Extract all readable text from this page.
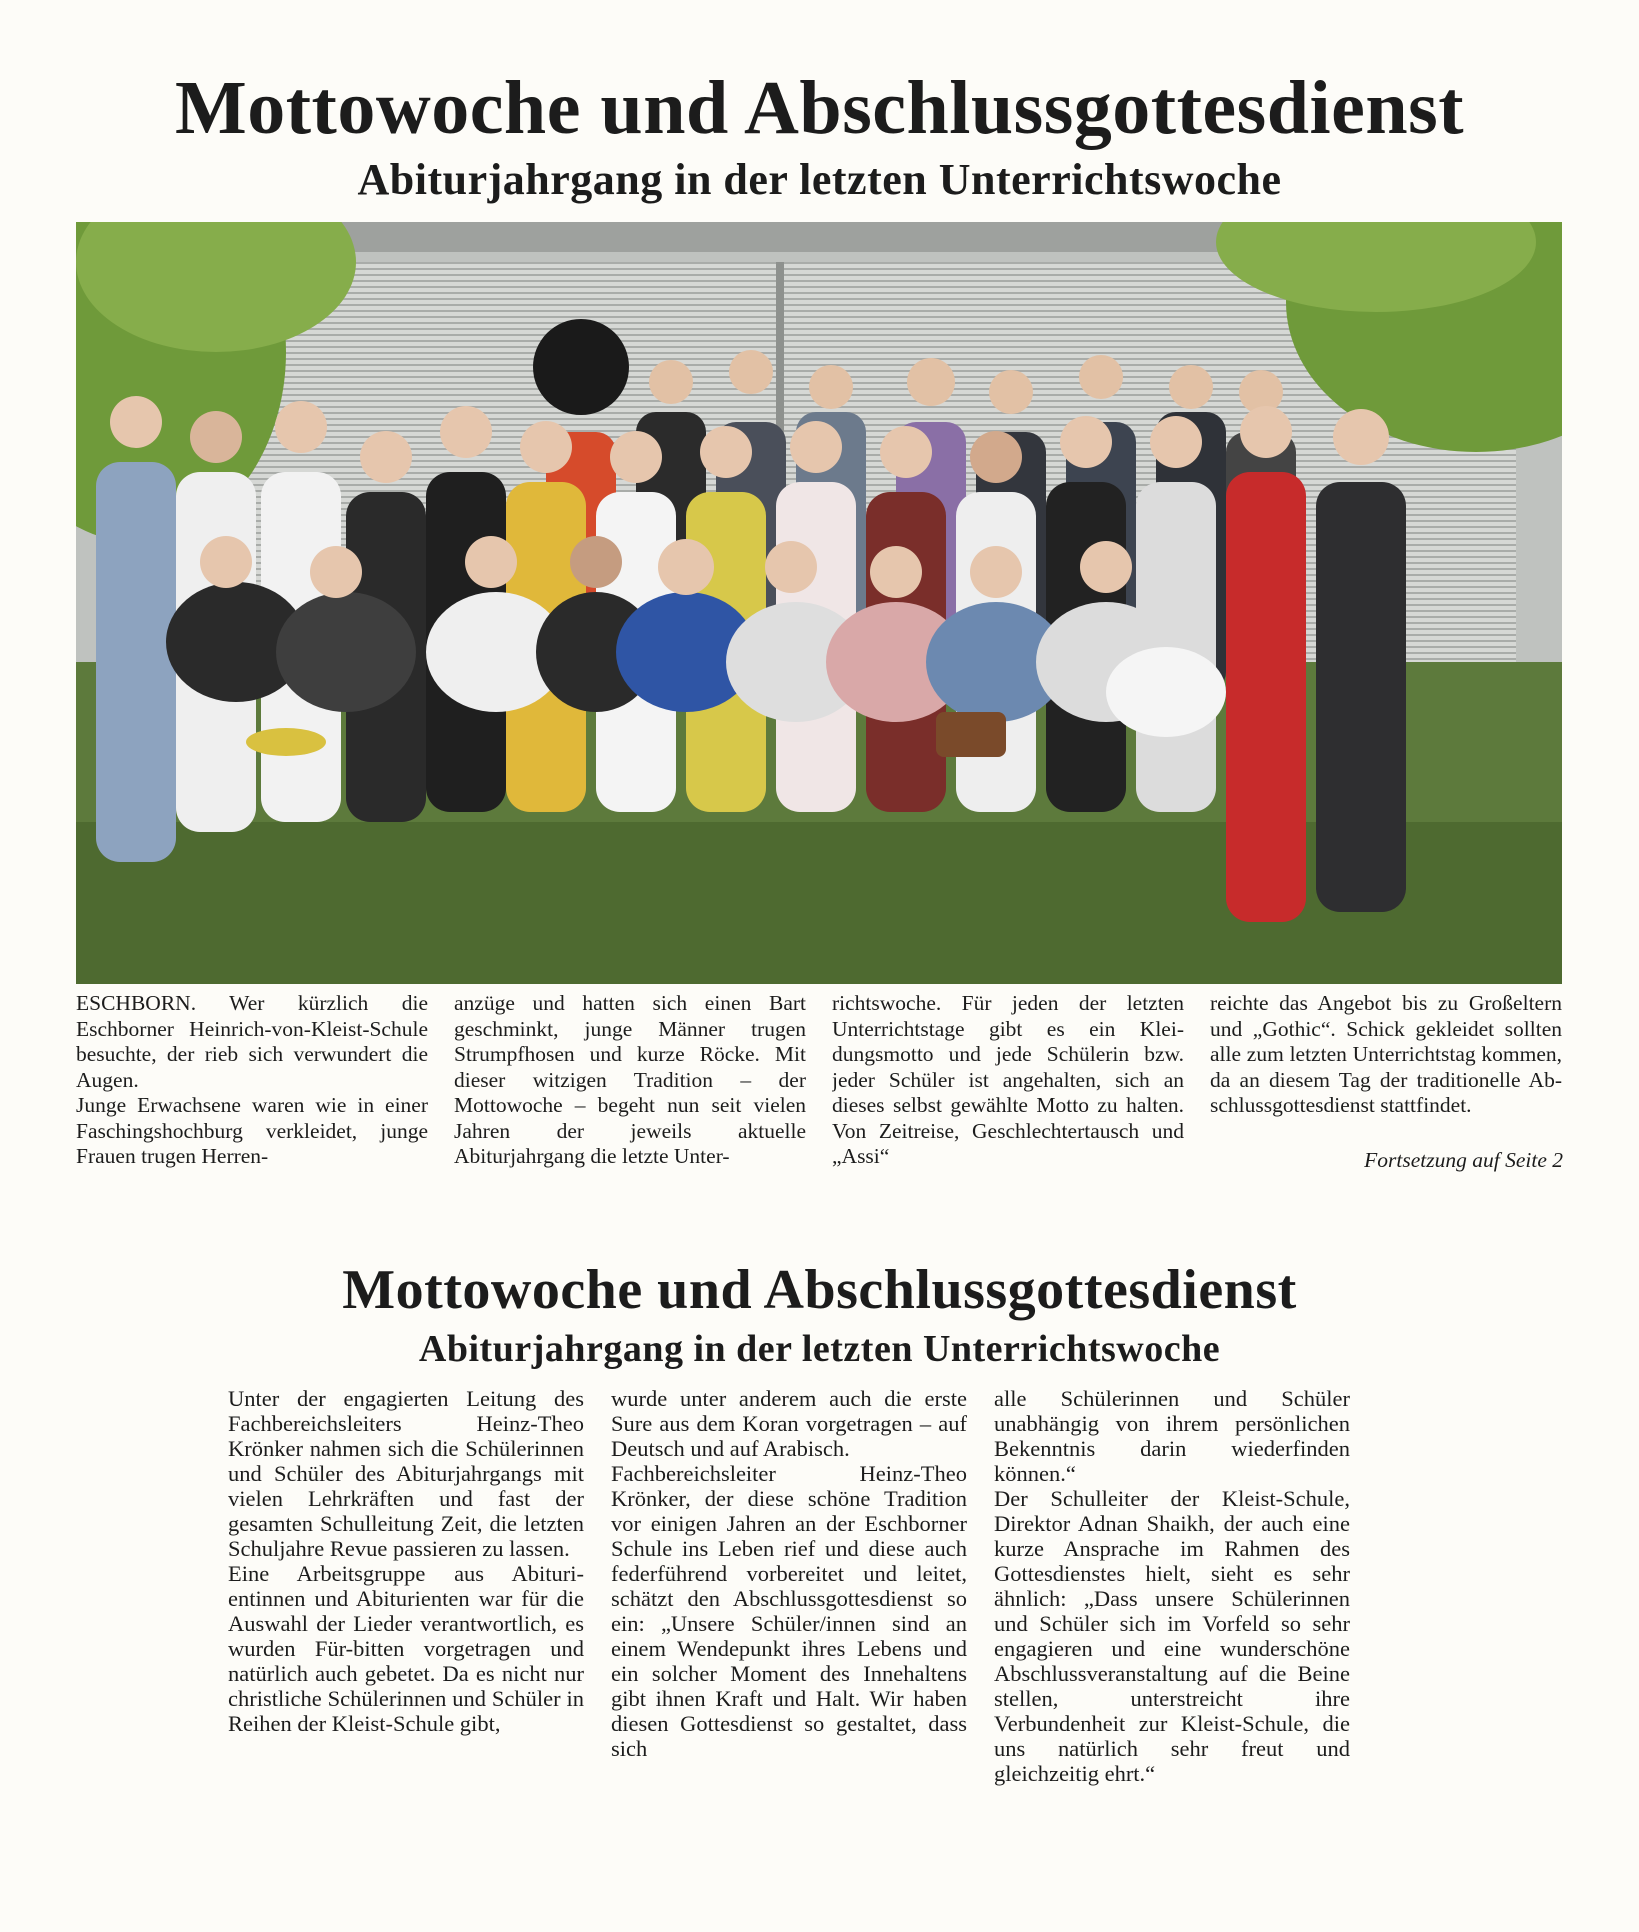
Mottowoche und Abschlussgottesdienst
Abiturjahrgang in der letzten Unterrichtswoche
ESCHBORN. Wer kürzlich die Eschborner Heinrich-von-Kleist-Schule besuchte, der rieb sich verwundert die Augen.
Junge Erwachsene waren wie in einer Faschingshochburg verkleidet, junge Frauen trugen Herren-
anzüge und hatten sich einen Bart geschminkt, junge Männer trugen Strumpfhosen und kurze Röcke. Mit dieser witzigen Tradition – der Mottowoche – begeht nun seit vielen Jahren der jeweils aktuelle Abiturjahrgang die letzte Unter-
richtswoche. Für jeden der letzten Unterrichtstage gibt es ein Kleidungsmotto und jede Schülerin bzw. jeder Schüler ist angehalten, sich an dieses selbst gewählte Motto zu halten. Von Zeitreise, Geschlechtertausch und „Assi“
reichte das Angebot bis zu Großeltern und „Gothic“. Schick gekleidet sollten alle zum letzten Unterrichtstag kommen, da an diesem Tag der traditionelle Abschlussgottesdienst stattfindet.
Fortsetzung auf Seite 2
Mottowoche und Abschlussgottesdienst
Abiturjahrgang in der letzten Unterrichtswoche
Unter der engagierten Leitung des Fachbereichsleiters Heinz-Theo Krönker nahmen sich die Schülerinnen und Schüler des Abiturjahrgangs mit vielen Lehrkräften und fast der gesamten Schulleitung Zeit, die letzten Schuljahre Revue passieren zu lassen.
Eine Arbeitsgruppe aus Abiturientinnen und Abiturienten war für die Auswahl der Lieder verantwortlich, es wurden Für-bitten vorgetragen und natürlich auch gebetet. Da es nicht nur christliche Schülerinnen und Schüler in Reihen der Kleist-Schule gibt,
wurde unter anderem auch die erste Sure aus dem Koran vorgetragen – auf Deutsch und auf Arabisch.
Fachbereichsleiter Heinz-Theo Krönker, der diese schöne Tradition vor einigen Jahren an der Eschborner Schule ins Leben rief und diese auch federführend vorbereitet und leitet, schätzt den Abschlussgottesdienst so ein: „Unsere Schüler/innen sind an einem Wendepunkt ihres Lebens und ein solcher Moment des Innehaltens gibt ihnen Kraft und Halt. Wir haben diesen Gottesdienst so gestaltet, dass sich
alle Schülerinnen und Schüler unabhängig von ihrem persönlichen Bekenntnis darin wiederfinden können.“
Der Schulleiter der Kleist-Schule, Direktor Adnan Shaikh, der auch eine kurze Ansprache im Rahmen des Gottesdienstes hielt, sieht es sehr ähnlich: „Dass unsere Schülerinnen und Schüler sich im Vorfeld so sehr engagieren und eine wunderschöne Abschlussveranstaltung auf die Beine stellen, unterstreicht ihre Verbundenheit zur Kleist-Schule, die uns natürlich sehr freut und gleichzeitig ehrt.“
